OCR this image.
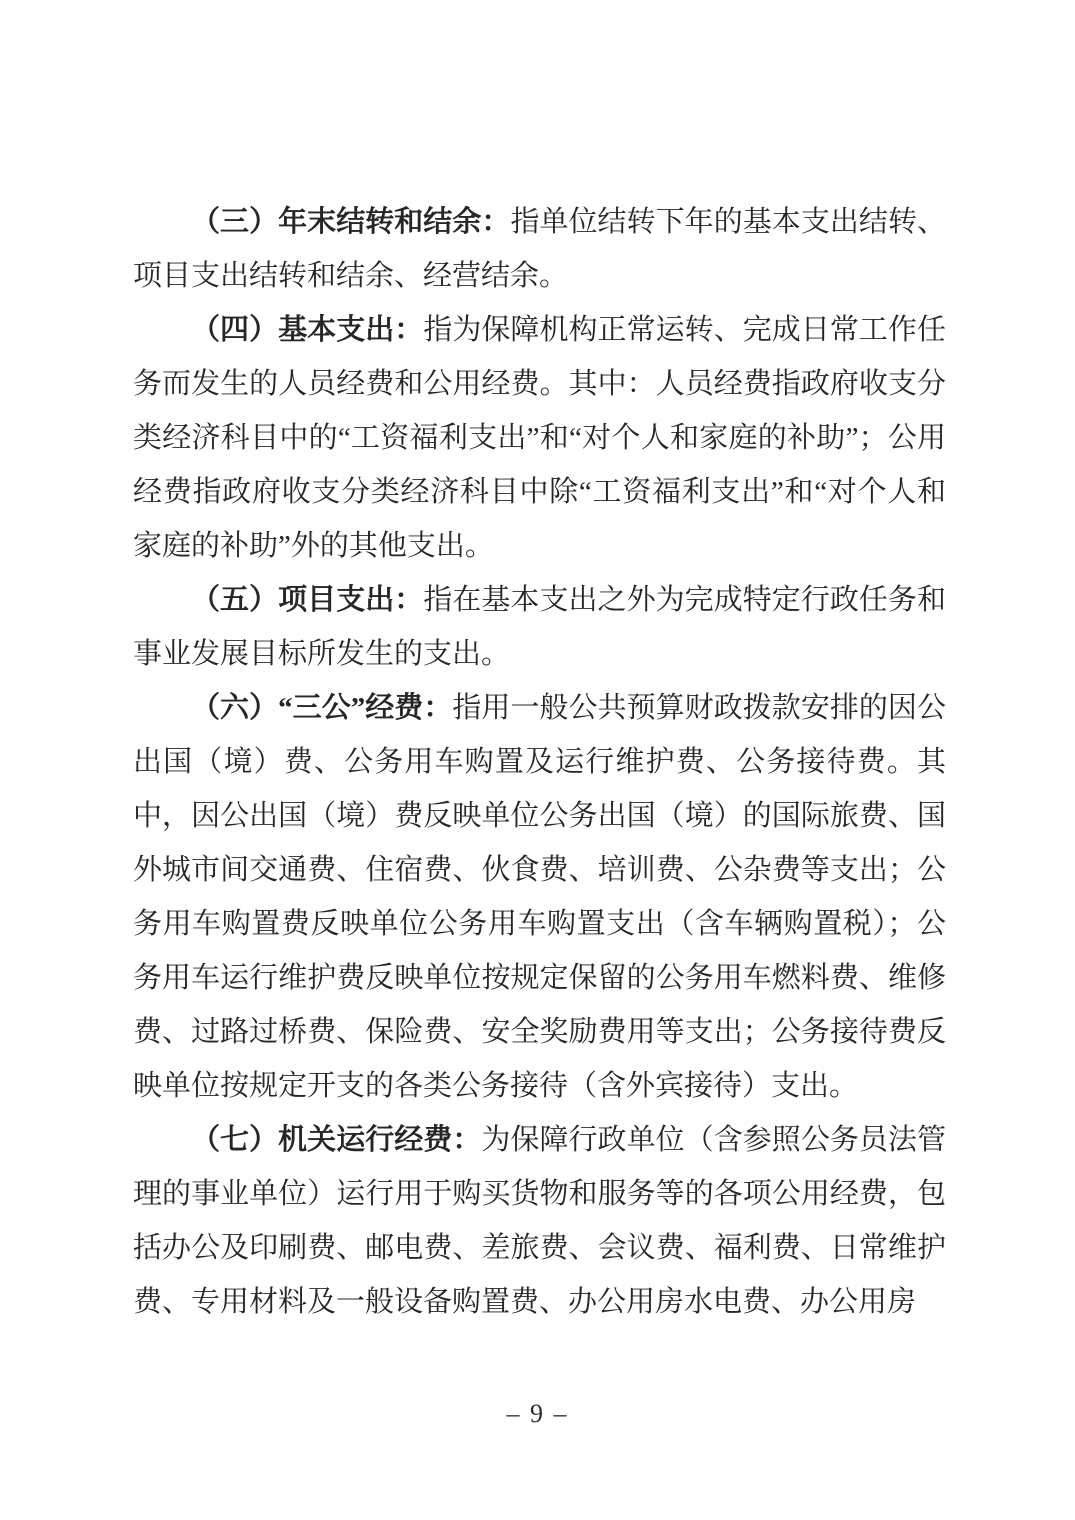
（三）年末结转和结余：指单位结转下年的基本支出结转、项目支出结转和结余、经营结余。

（四）基本支出：指为保障机构正常运转、完成日常工作任务而发生的人员经费和公用经费。其中：人员经费指政府收支分类经济科目中的“工资福利支出”和“对个人和家庭的补助”；公用经费指政府收支分类经济科目中除“工资福利支出”和“对个人和家庭的补助”外的其他支出。

（五）项目支出：指在基本支出之外为完成特定行政任务和事业发展目标所发生的支出。

（六）“三公”经费：指用一般公共预算财政拨款安排的因公出国（境）费、公务用车购置及运行维护费、公务接待费。其中，因公出国（境）费反映单位公务出国（境）的国际旅费、国外城市间交通费、住宿费、伙食费、培训费、公杂费等支出；公务用车购置费反映单位公务用车购置支出（含车辆购置税）；公务用车运行维护费反映单位按规定保留的公务用车燃料费、维修费、过路过桥费、保险费、安全奖励费用等支出；公务接待费反映单位按规定开支的各类公务接待（含外宾接待）支出。

（七）机关运行经费：为保障行政单位（含参照公务员法管理的事业单位）运行用于购买货物和服务等的各项公用经费，包括办公及印刷费、邮电费、差旅费、会议费、福利费、日常维护费、专用材料及一般设备购置费、办公用房水电费、办公用房

– 9 –
